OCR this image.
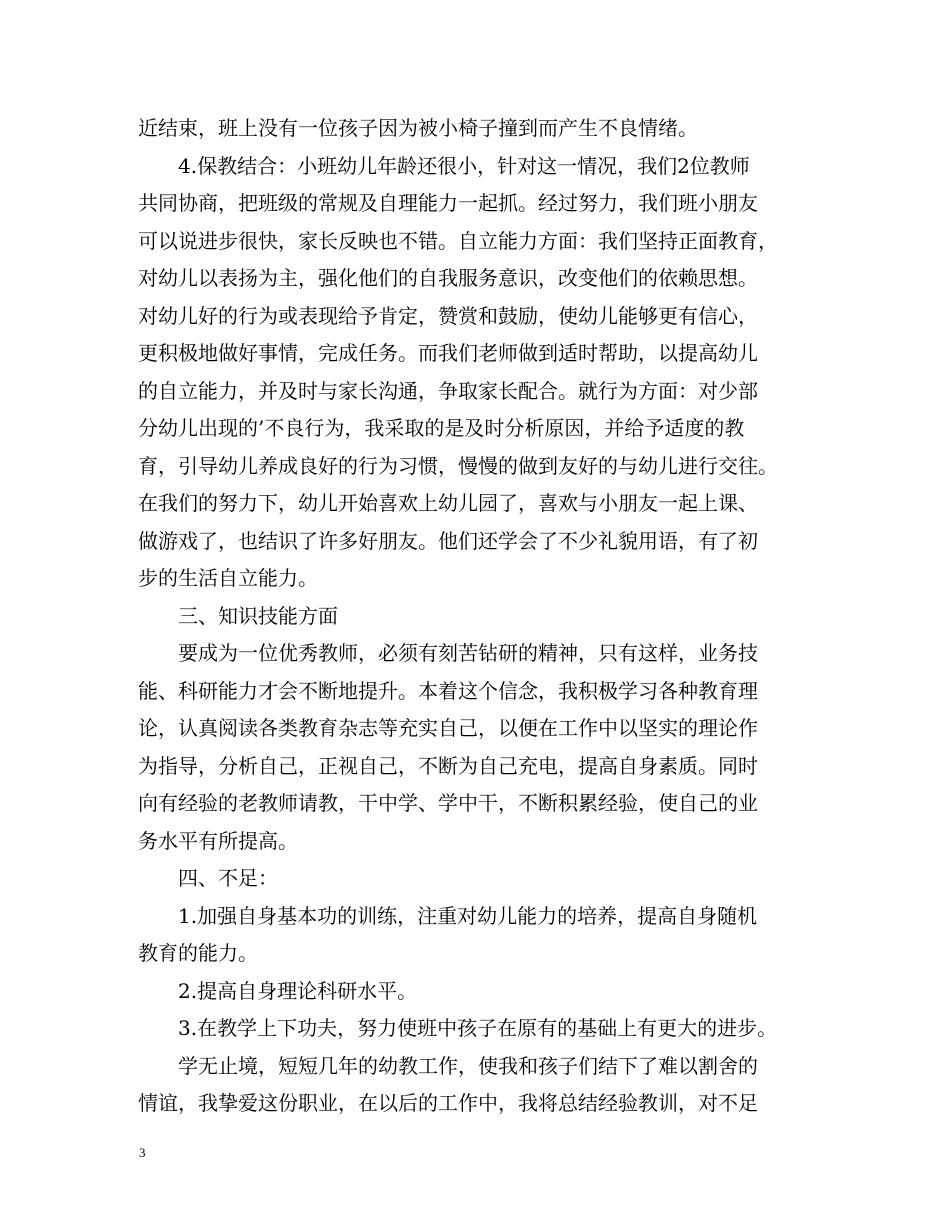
近结束，班上没有一位孩子因为被小椅子撞到而产生不良情绪。
4.保教结合：小班幼儿年龄还很小，针对这一情况，我们2位教师
共同协商，把班级的常规及自理能力一起抓。经过努力，我们班小朋友
可以说进步很快，家长反映也不错。自立能力方面：我们坚持正面教育，
对幼儿以表扬为主，强化他们的自我服务意识，改变他们的依赖思想。
对幼儿好的行为或表现给予肯定，赞赏和鼓励，使幼儿能够更有信心，
更积极地做好事情，完成任务。而我们老师做到适时帮助，以提高幼儿
的自立能力，并及时与家长沟通，争取家长配合。就行为方面：对少部
分幼儿出现的’不良行为，我采取的是及时分析原因，并给予适度的教
育，引导幼儿养成良好的行为习惯，慢慢的做到友好的与幼儿进行交往。
在我们的努力下，幼儿开始喜欢上幼儿园了，喜欢与小朋友一起上课、
做游戏了，也结识了许多好朋友。他们还学会了不少礼貌用语，有了初
步的生活自立能力。
三、知识技能方面
要成为一位优秀教师，必须有刻苦钻研的精神，只有这样，业务技
能、科研能力才会不断地提升。本着这个信念，我积极学习各种教育理
论，认真阅读各类教育杂志等充实自己，以便在工作中以坚实的理论作
为指导，分析自己，正视自己，不断为自己充电，提高自身素质。同时
向有经验的老教师请教，干中学、学中干，不断积累经验，使自己的业
务水平有所提高。
四、不足：
1.加强自身基本功的训练，注重对幼儿能力的培养，提高自身随机
教育的能力。
2.提高自身理论科研水平。
3.在教学上下功夫，努力使班中孩子在原有的基础上有更大的进步。
学无止境，短短几年的幼教工作，使我和孩子们结下了难以割舍的
情谊，我挚爱这份职业，在以后的工作中，我将总结经验教训，对不足
3
